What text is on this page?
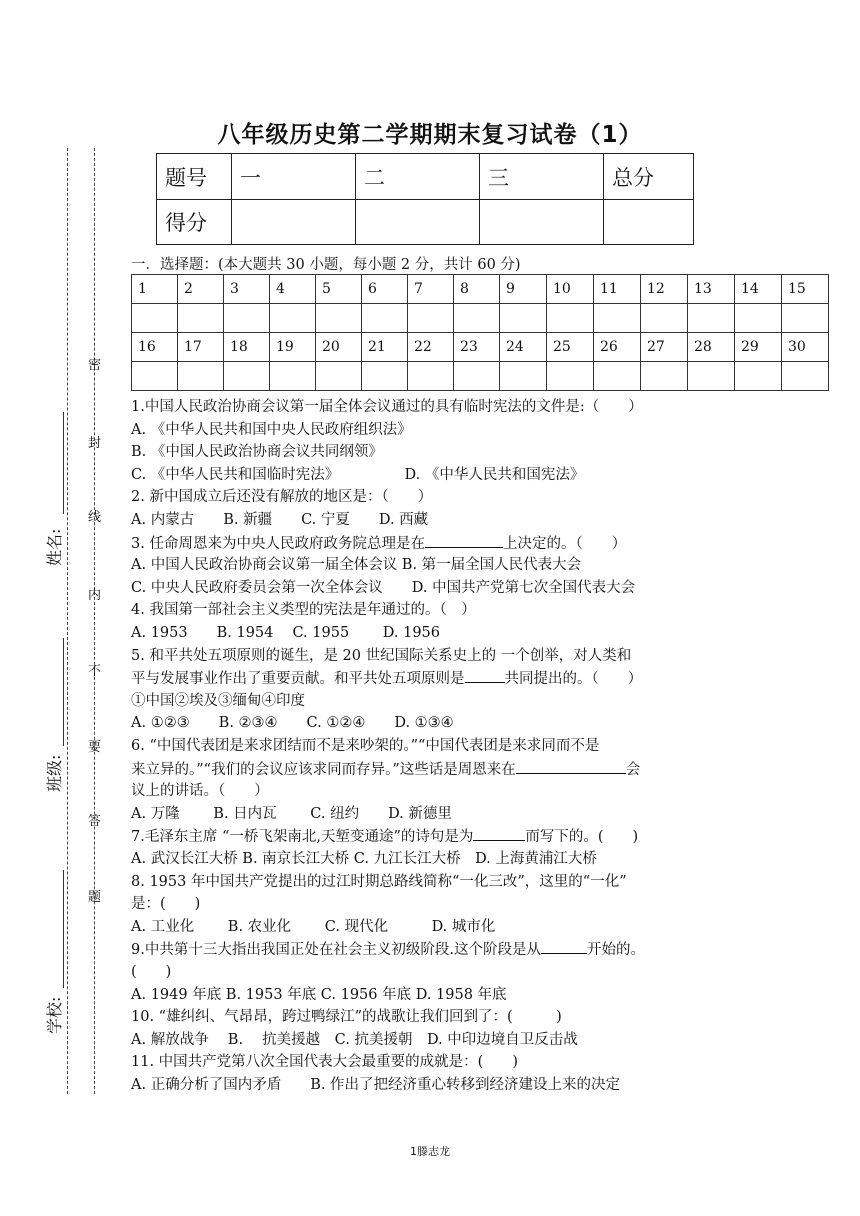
八年级历史第二学期期末复习试卷（1）
题号	一	二	三	总分
得分				
一．选择题：(本大题共 30 小题，每小题 2 分，共计 60 分)
1	2	3	4	5	6	7	8	9	10	11	12	13	14	15

16	17	18	19	20	21	22	23	24	25	26	27	28	29	30

1.中国人民政治协商会议第一届全体会议通过的具有临时宪法的文件是:（　　）
A. 《中华人民共和国中央人民政府组织法》
B. 《中国人民政治协商会议共同纲领》
C. 《中华人民共和国临时宪法》　　　　　D. 《中华人民共和国宪法》
2. 新中国成立后还没有解放的地区是：（　　）
A. 内蒙古　　B. 新疆　　C. 宁夏　　D. 西藏
3. 任命周恩来为中央人民政府政务院总理是在	上决定的。（　　）
A. 中国人民政治协商会议第一届全体会议 B. 第一届全国人民代表大会
C. 中央人民政府委员会第一次全体会议　　D. 中国共产党第七次全国代表大会
4. 我国第一部社会主义类型的宪法是年通过的。（　）
A. 1953　　B. 1954　 C. 1955　　 D. 1956
5. 和平共处五项原则的诞生，是 20 世纪国际关系史上的 一个创举，对人类和
平与发展事业作出了重要贡献。和平共处五项原则是	共同提出的。（　　）
①中国②埃及③缅甸④印度
A. ①②③　　B. ②③④　　C. ①②④　　D. ①③④
6. “中国代表团是来求团结而不是来吵架的。”“中国代表团是来求同而不是
来立异的。”“我们的会议应该求同而存异。”这些话是周恩来在	会
议上的讲话。（　　）
A. 万隆　　 B. 日内瓦　　 C. 纽约　　D. 新德里
7.毛泽东主席 “一桥飞架南北,天堑变通途”的诗句是为	而写下的。(　　)
A. 武汉长江大桥 B. 南京长江大桥 C. 九江长江大桥　D. 上海黄浦江大桥
8. 1953 年中国共产党提出的过江时期总路线简称“一化三改”，这里的“一化”
是：(　　)
A. 工业化　　 B. 农业化　　 C. 现代化　　　D. 城市化
9.中共第十三大指出我国正处在社会主义初级阶段.这个阶段是从	开始的。
(　　)
A. 1949 年底 B. 1953 年底 C. 1956 年底 D. 1958 年底
10. “雄纠纠、气昂昂，跨过鸭绿江”的战歌让我们回到了：(　　　)
A. 解放战争　 B. 　抗美援越　C. 抗美援朝　D. 中印边境自卫反击战
11. 中国共产党第八次全国代表大会最重要的成就是：(　　)
A. 正确分析了国内矛盾　　B. 作出了把经济重心转移到经济建设上来的决定
姓名:
班级:
学校:
密
封
线
内
不
要
答
题
1滕志龙
